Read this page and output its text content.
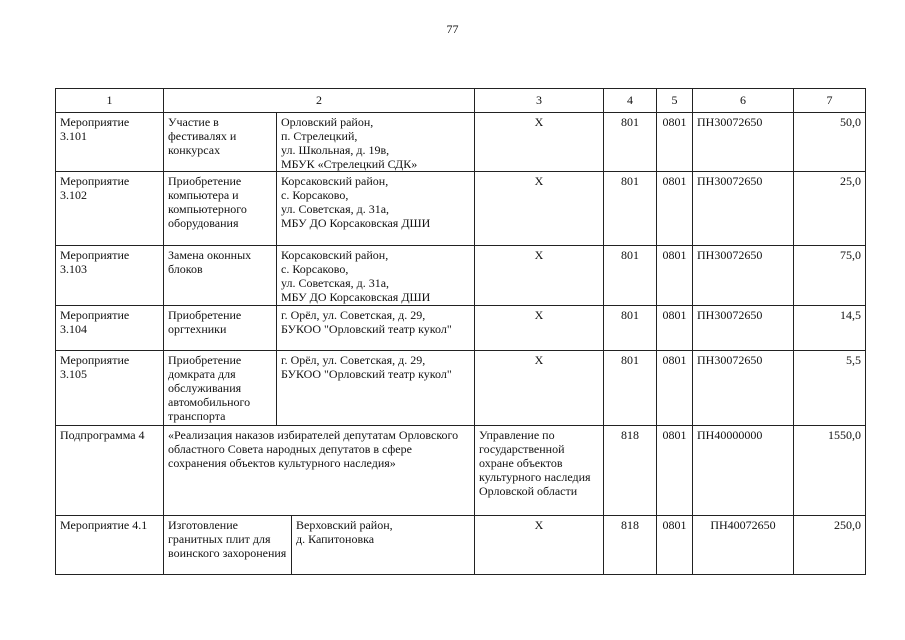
77
1	2			3	4	5	6	7
Мероприятие
3.101	Участие в фестивалях и конкурсах	Орловский район,
п. Стрелецкий,
ул. Школьная, д. 19в,
МБУК «Стрелецкий СДК»		Х	801	0801	ПН30072650	50,0
Мероприятие
3.102	Приобретение компьютера и компьютерного оборудования	Корсаковский район,
с. Корсаково,
ул. Советская, д. 31а,
МБУ ДО Корсаковская ДШИ		Х	801	0801	ПН30072650	25,0
Мероприятие
3.103	Замена оконных блоков	Корсаковский район,
с. Корсаково,
ул. Советская, д. 31а,
МБУ ДО Корсаковская ДШИ		Х	801	0801	ПН30072650	75,0
Мероприятие
3.104	Приобретение оргтехники	г. Орёл, ул. Советская, д. 29,
БУКОО "Орловский театр кукол"		Х	801	0801	ПН30072650	14,5
Мероприятие
3.105	Приобретение домкрата для обслуживания автомобильного транспорта	г. Орёл, ул. Советская, д. 29,
БУКОО "Орловский театр кукол"		Х	801	0801	ПН30072650	5,5
Подпрограмма 4	«Реализация наказов избирателей депутатам Орловского областного Совета народных депутатов в сфере сохранения объектов культурного наследия»			Управление по государственной охране объектов культурного наследия Орловской области	818	0801	ПН40000000	1550,0
Мероприятие 4.1	Изготовление гранитных плит для воинского захоронения		Верховский район,
д. Капитоновка	Х	818	0801	ПН40072650	250,0
